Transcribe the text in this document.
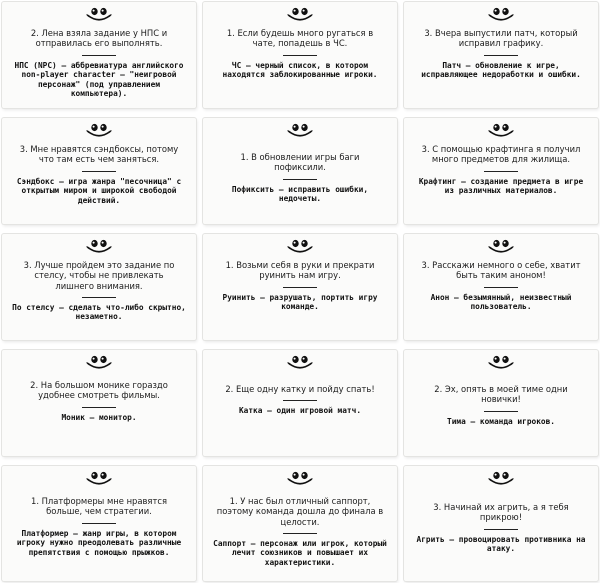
2. Лена взяла задание у НПС и отправилась его выполнять.
НПС (NPC) – аббревиатура английского non-player character – "неигровой персонаж" (под управлением компьютера).
1. Если будешь много ругаться в чате, попадешь в ЧС.
ЧС – черный список, в котором находятся заблокированные игроки.
3. Вчера выпустили патч, который исправил графику.
Патч – обновление к игре, исправляющее недоработки и ошибки.
3. Мне нравятся сэндбоксы, потому что там есть чем заняться.
Сэндбокс – игра жанра "песочница" с открытым миром и широкой свободой действий.
1. В обновлении игры баги пофиксили.
Пофиксить – исправить ошибки, недочеты.
3. С помощью крафтинга я получил много предметов для жилища.
Крафтинг – создание предмета в игре из различных материалов.
3. Лучше пройдем это задание по стелсу, чтобы не привлекать лишнего внимания.
По стелсу – сделать что-либо скрытно, незаметно.
1. Возьми себя в руки и прекрати руинить нам игру.
Руинить – разрушать, портить игру команде.
3. Расскажи немного о себе, хватит быть таким аноном!
Анон – безымянный, неизвестный пользователь.
2. На большом монике гораздо удобнее смотреть фильмы.
Моник – монитор.
2. Еще одну катку и пойду спать!
Катка – один игровой матч.
2. Эх, опять в моей тиме одни новички!
Тима – команда игроков.
1. Платформеры мне нравятся больше, чем стратегии.
Платформер – жанр игры, в котором игроку нужно преодолевать различные препятствия с помощью прыжков.
1. У нас был отличный саппорт, поэтому команда дошла до финала в целости.
Саппорт – персонаж или игрок, который лечит союзников и повышает их характеристики.
3. Начинай их агрить, а я тебя прикрою!
Агрить – провоцировать противника на атаку.
